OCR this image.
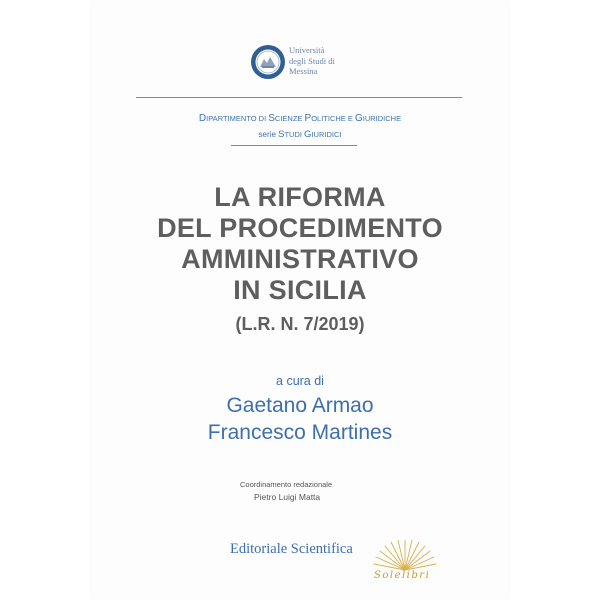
Università
degli Studi di
Messina
DIPARTIMENTO DI SCIENZE POLITICHE E GIURIDICHE
serie STUDI GIURIDICI
LA RIFORMA
DEL PROCEDIMENTO
AMMINISTRATIVO
IN SICILIA
(L.R. N. 7/2019)
a cura di
Gaetano Armao
Francesco Martines
Coordinamento redazionale
Pietro Luigi Matta
Editoriale Scientifica
Solelibri
